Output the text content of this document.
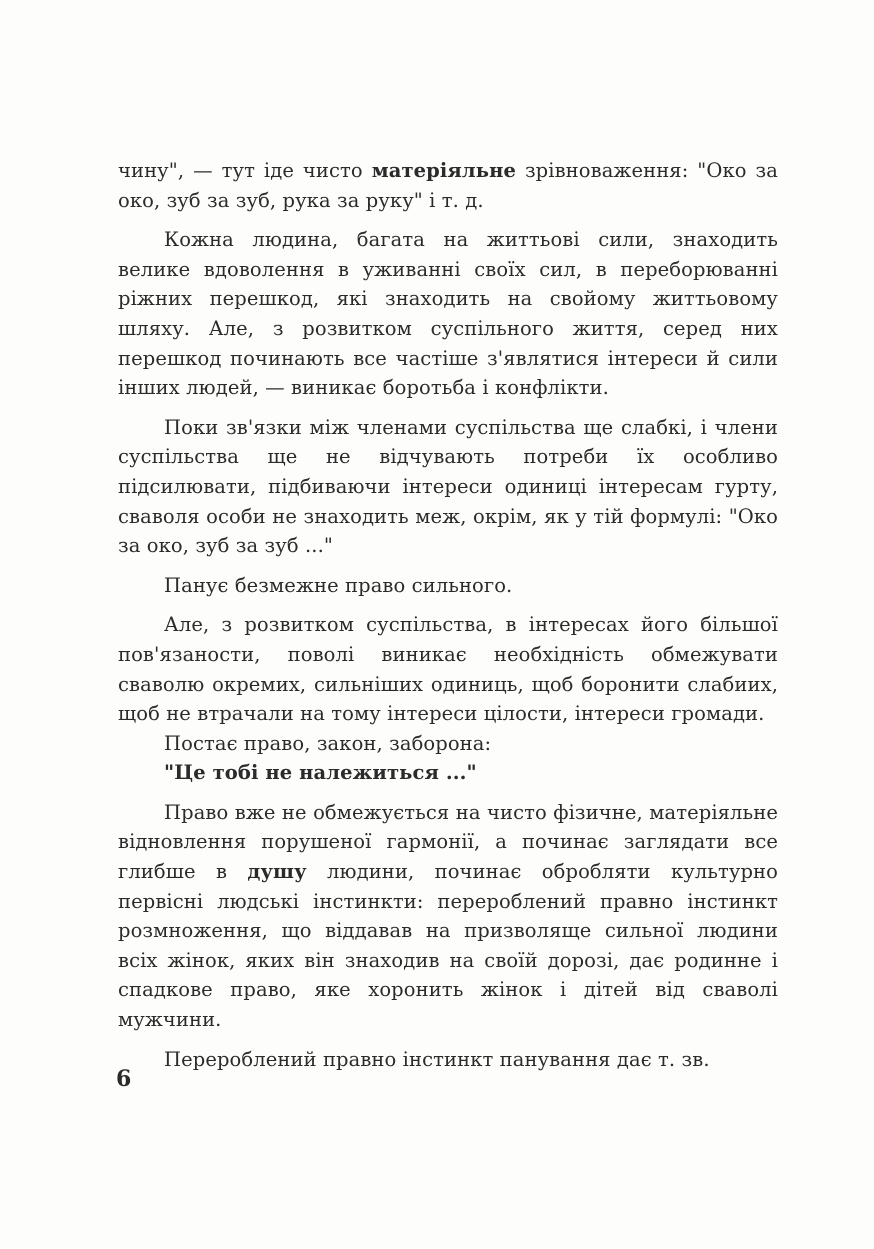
чину", — тут іде чисто матеріяльне зрівноваження: "Око за око, зуб за зуб, рука за руку" і т. д.

Кожна людина, багата на життьові сили, знаходить велике вдоволення в уживанні своїх сил, в переборюванні ріжних перешкод, які знаходить на свойому життьовому шляху. Але, з розвитком суспільного життя, серед них перешкод починають все частіше з'являтися інтереси й сили інших людей, — виникає боротьба і конфлікти.

Поки зв'язки між членами суспільства ще слабкі, і члени суспільства ще не відчувають потреби їх особливо підсилювати, підбиваючи інтереси одиниці інтересам гурту, сваволя особи не знаходить меж, окрім, як у тій формулі: "Око за око, зуб за зуб ..."

Панує безмежне право сильного.

Але, з розвитком суспільства, в інтересах його більшої пов'язаности, поволі виникає необхідність обмежувати сваволю окремих, сильніших одиниць, щоб боронити слабиих, щоб не втрачали на тому інтереси цілости, інтереси громади.

Постає право, закон, заборона:

"Це тобі не належиться ..."

Право вже не обмежується на чисто фізичне, матеріяльне відновлення порушеної гармонії, а починає заглядати все глибше в душу людини, починає обробляти культурно первісні людські інстинкти: перероблений правно інстинкт розмноження, що віддавав на призволяще сильної людини всіх жінок, яких він знаходив на своїй дорозі, дає родинне і спадкове право, яке хоронить жінок і дітей від сваволі мужчини.

Перероблений правно інстинкт панування дає т. зв.

6
